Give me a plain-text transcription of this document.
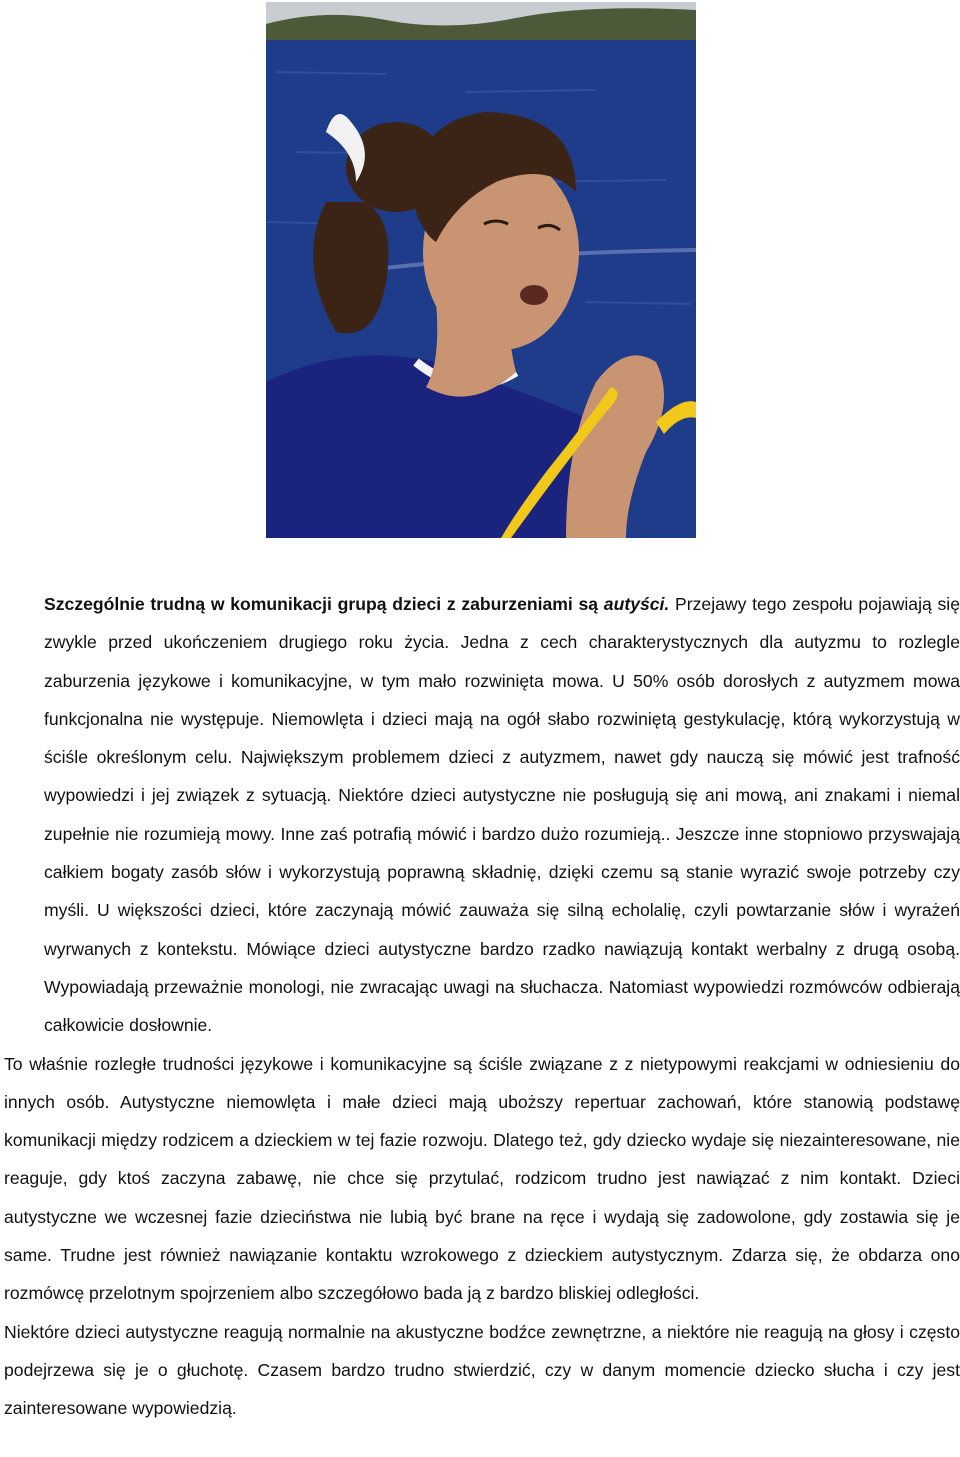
Szczególnie trudną w komunikacji grupą dzieci z zaburzeniami są autyści. Przejawy tego zespołu pojawiają się zwykle przed ukończeniem drugiego roku życia. Jedna z cech charakterystycznych dla autyzmu to rozlegle zaburzenia językowe i komunikacyjne, w tym mało rozwinięta mowa. U 50% osób dorosłych z autyzmem mowa funkcjonalna nie występuje. Niemowlęta i dzieci mają na ogół słabo rozwiniętą gestykulację, którą wykorzystują w ściśle określonym celu. Największym problemem dzieci z autyzmem, nawet gdy nauczą się mówić jest trafność wypowiedzi i jej związek z sytuacją. Niektóre dzieci autystyczne nie posługują się ani mową, ani znakami i niemal zupełnie nie rozumieją mowy. Inne zaś potrafią mówić i bardzo dużo rozumieją.. Jeszcze inne stopniowo przyswajają całkiem bogaty zasób słów i wykorzystują poprawną składnię, dzięki czemu są stanie wyrazić swoje potrzeby czy myśli. U większości dzieci, które zaczynają mówić zauważa się silną echolalię, czyli powtarzanie słów i wyrażeń wyrwanych z kontekstu. Mówiące dzieci autystyczne bardzo rzadko nawiązują kontakt werbalny z drugą osobą. Wypowiadają przeważnie monologi, nie zwracając uwagi na słuchacza. Natomiast wypowiedzi rozmówców odbierają całkowicie dosłownie.

To właśnie rozległe trudności językowe i komunikacyjne są ściśle związane z z nietypowymi reakcjami w odniesieniu do innych osób. Autystyczne niemowlęta i małe dzieci mają uboższy repertuar zachowań, które stanowią podstawę komunikacji między rodzicem a dzieckiem w tej fazie rozwoju. Dlatego też, gdy dziecko wydaje się niezainteresowane, nie reaguje, gdy ktoś zaczyna zabawę, nie chce się przytulać, rodzicom trudno jest nawiązać z nim kontakt. Dzieci autystyczne we wczesnej fazie dzieciństwa nie lubią być brane na ręce i wydają się zadowolone, gdy zostawia się je same. Trudne jest również nawiązanie kontaktu wzrokowego z dzieckiem autystycznym. Zdarza się, że obdarza ono rozmówcę przelotnym spojrzeniem albo szczegółowo bada ją z bardzo bliskiej odległości.

Niektóre dzieci autystyczne reagują normalnie na akustyczne bodźce zewnętrzne, a niektóre nie reagują na głosy i często podejrzewa się je o głuchotę. Czasem bardzo trudno stwierdzić, czy w danym momencie dziecko słucha i czy jest zainteresowane wypowiedzią.
